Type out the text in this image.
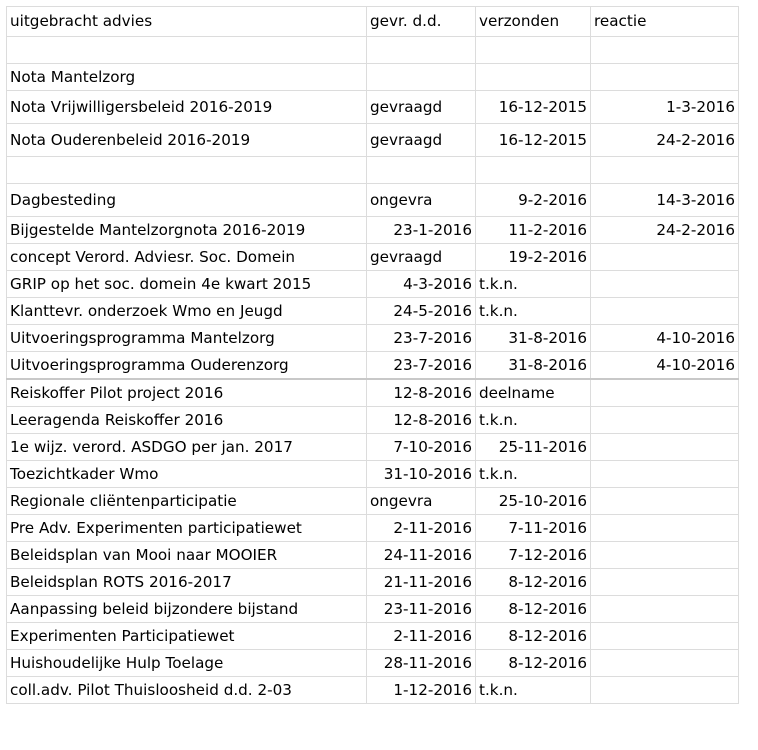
uitgebracht advies	gevr. d.d.	verzonden	reactie

Nota Mantelzorg			
Nota Vrijwilligersbeleid 2016-2019	gevraagd	16-12-2015	1-3-2016
Nota Ouderenbeleid 2016-2019	gevraagd	16-12-2015	24-2-2016

Dagbesteding	ongevra	9-2-2016	14-3-2016
Bijgestelde Mantelzorgnota 2016-2019	23-1-2016	11-2-2016	24-2-2016
concept Verord. Adviesr. Soc. Domein	gevraagd	19-2-2016	
GRIP op het soc. domein 4e kwart 2015	4-3-2016	t.k.n.	
Klanttevr. onderzoek Wmo en Jeugd	24-5-2016	t.k.n.	
Uitvoeringsprogramma Mantelzorg	23-7-2016	31-8-2016	4-10-2016
Uitvoeringsprogramma Ouderenzorg	23-7-2016	31-8-2016	4-10-2016
Reiskoffer Pilot project 2016	12-8-2016	deelname	
Leeragenda Reiskoffer 2016	12-8-2016	t.k.n.	
1e wijz. verord. ASDGO per jan. 2017	7-10-2016	25-11-2016	
Toezichtkader Wmo	31-10-2016	t.k.n.	
Regionale cliëntenparticipatie	ongevra	25-10-2016	
Pre Adv. Experimenten participatiewet	2-11-2016	7-11-2016	
Beleidsplan van Mooi naar MOOIER	24-11-2016	7-12-2016	
Beleidsplan ROTS 2016-2017	21-11-2016	8-12-2016	
Aanpassing beleid bijzondere bijstand	23-11-2016	8-12-2016	
Experimenten Participatiewet	2-11-2016	8-12-2016	
Huishoudelijke Hulp Toelage	28-11-2016	8-12-2016	
coll.adv. Pilot Thuisloosheid d.d. 2-03	1-12-2016	t.k.n.	
